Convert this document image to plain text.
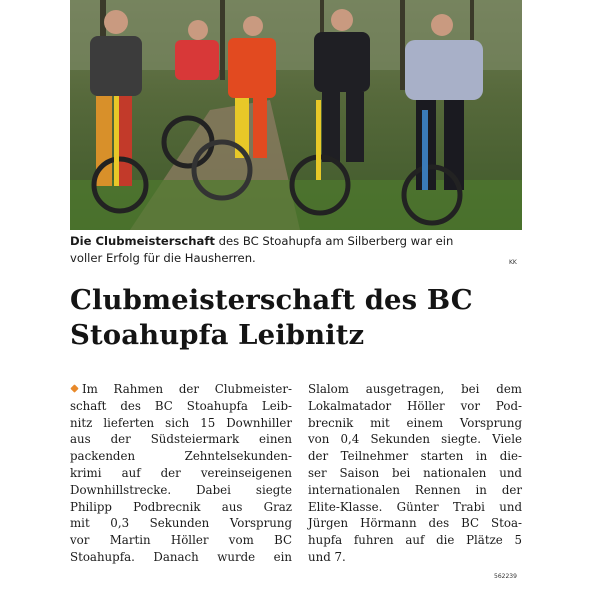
Die Clubmeisterschaft des BC Stoahupfa am Silberberg war ein
voller Erfolg für die Hausherren.	KK
Clubmeisterschaft des BC
Stoahupfa Leibnitz
Im Rahmen der Clubmeister-
schaft des BC Stoahupfa Leib-
nitz lieferten sich 15 Downhiller
aus der Südsteiermark einen
packenden Zehntelsekunden-
krimi auf der vereinseigenen
Downhillstrecke. Dabei siegte
Philipp Podbrecnik aus Graz
mit 0,3 Sekunden Vorsprung
vor Martin Höller vom BC
Stoahupfa. Danach wurde ein
Slalom ausgetragen, bei dem
Lokalmatador Höller vor Pod-
brecnik mit einem Vorsprung
von 0,4 Sekunden siegte. Viele
der Teilnehmer starten in die-
ser Saison bei nationalen und
internationalen Rennen in der
Elite-Klasse. Günter Trabi und
Jürgen Hörmann des BC Stoa-
hupfa fuhren auf die Plätze 5
und 7.
562239
